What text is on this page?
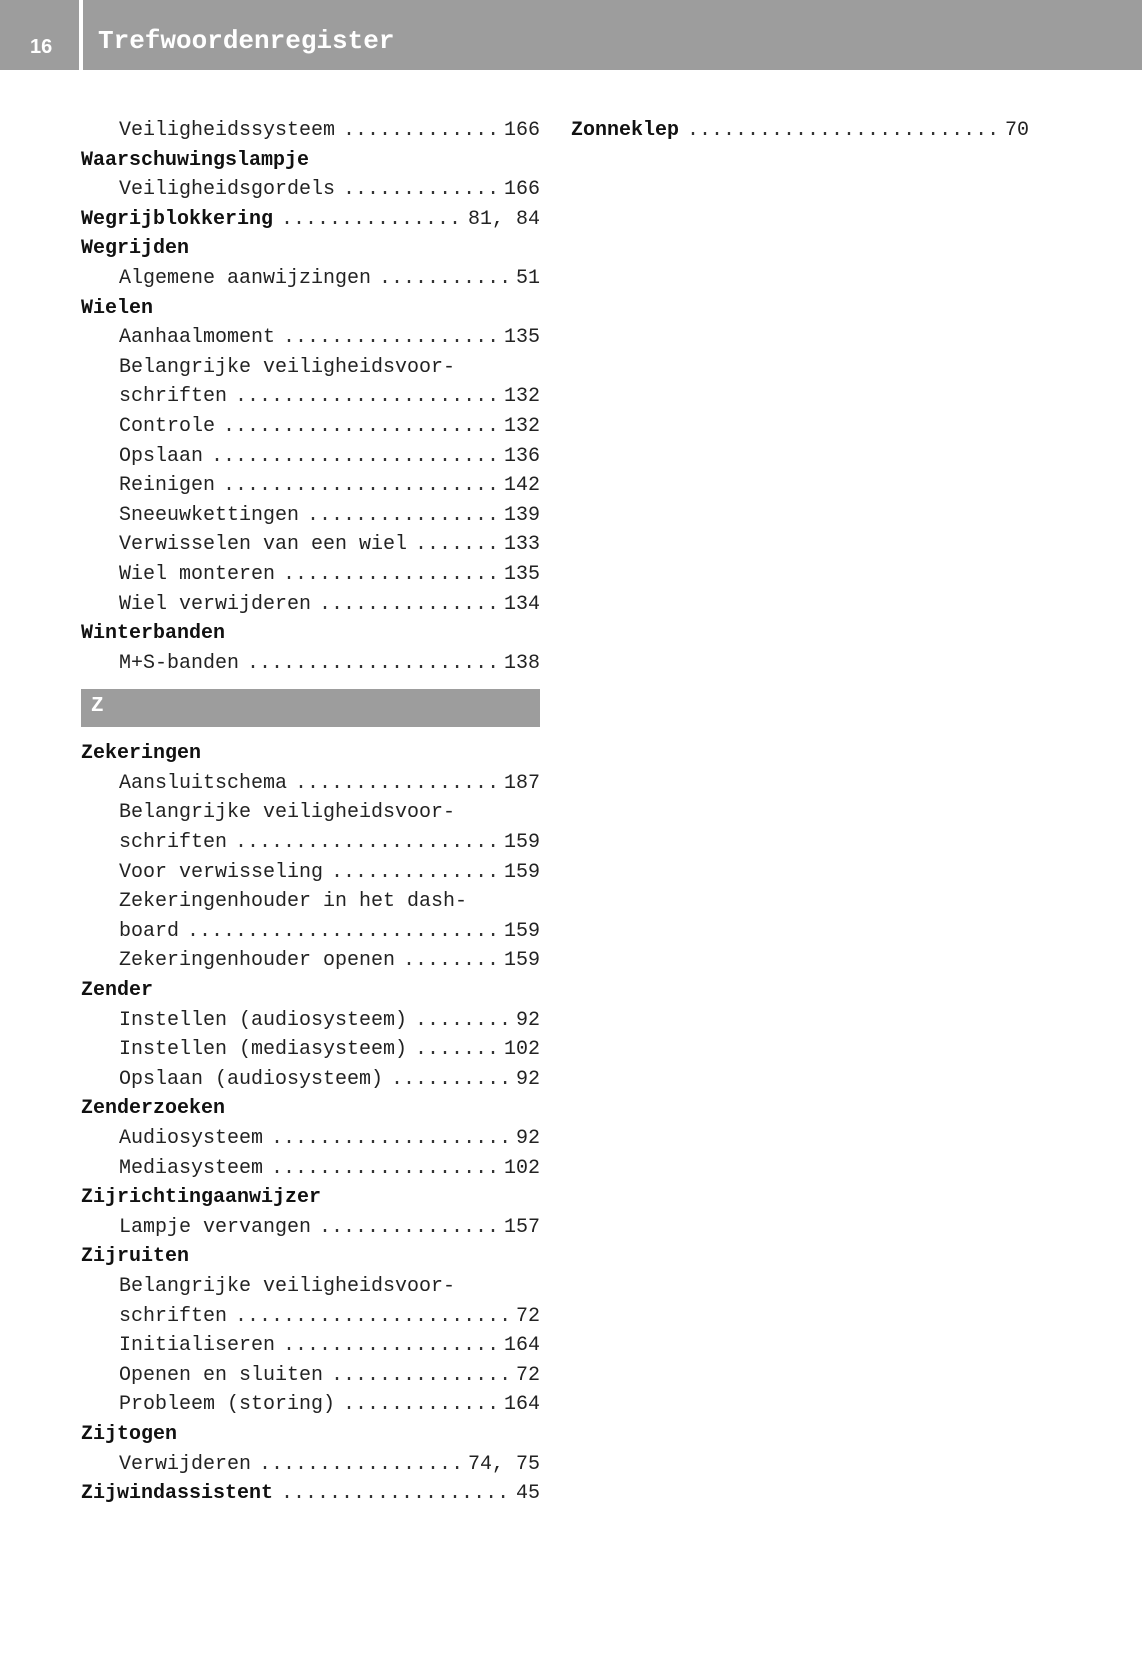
16 Trefwoordenregister
Veiligheidssysteem .....	166
Waarschuwingslampje
Veiligheidsgordels .....	166
Wegrijblokkering .....	81, 84
Wegrijden
Algemene aanwijzingen .....	51
Wielen
Aanhaalmoment .....	135
Belangrijke veiligheidsvoor-
schriften .....	132
Controle .....	132
Opslaan .....	136
Reinigen .....	142
Sneeuwkettingen .....	139
Verwisselen van een wiel .....	133
Wiel monteren .....	135
Wiel verwijderen .....	134
Winterbanden
M+S-banden .....	138
Z
Zekeringen
Aansluitschema .....	187
Belangrijke veiligheidsvoor-
schriften .....	159
Voor verwisseling .....	159
Zekeringenhouder in het dash-
board .....	159
Zekeringenhouder openen .....	159
Zender
Instellen (audiosysteem) .....	92
Instellen (mediasysteem) .....	102
Opslaan (audiosysteem) .....	92
Zenderzoeken
Audiosysteem .....	92
Mediasysteem .....	102
Zijrichtingaanwijzer
Lampje vervangen .....	157
Zijruiten
Belangrijke veiligheidsvoor-
schriften .....	72
Initialiseren .....	164
Openen en sluiten .....	72
Probleem (storing) .....	164
Zijtogen
Verwijderen .....	74, 75
Zijwindassistent .....	45
Zonneklep .....	70
